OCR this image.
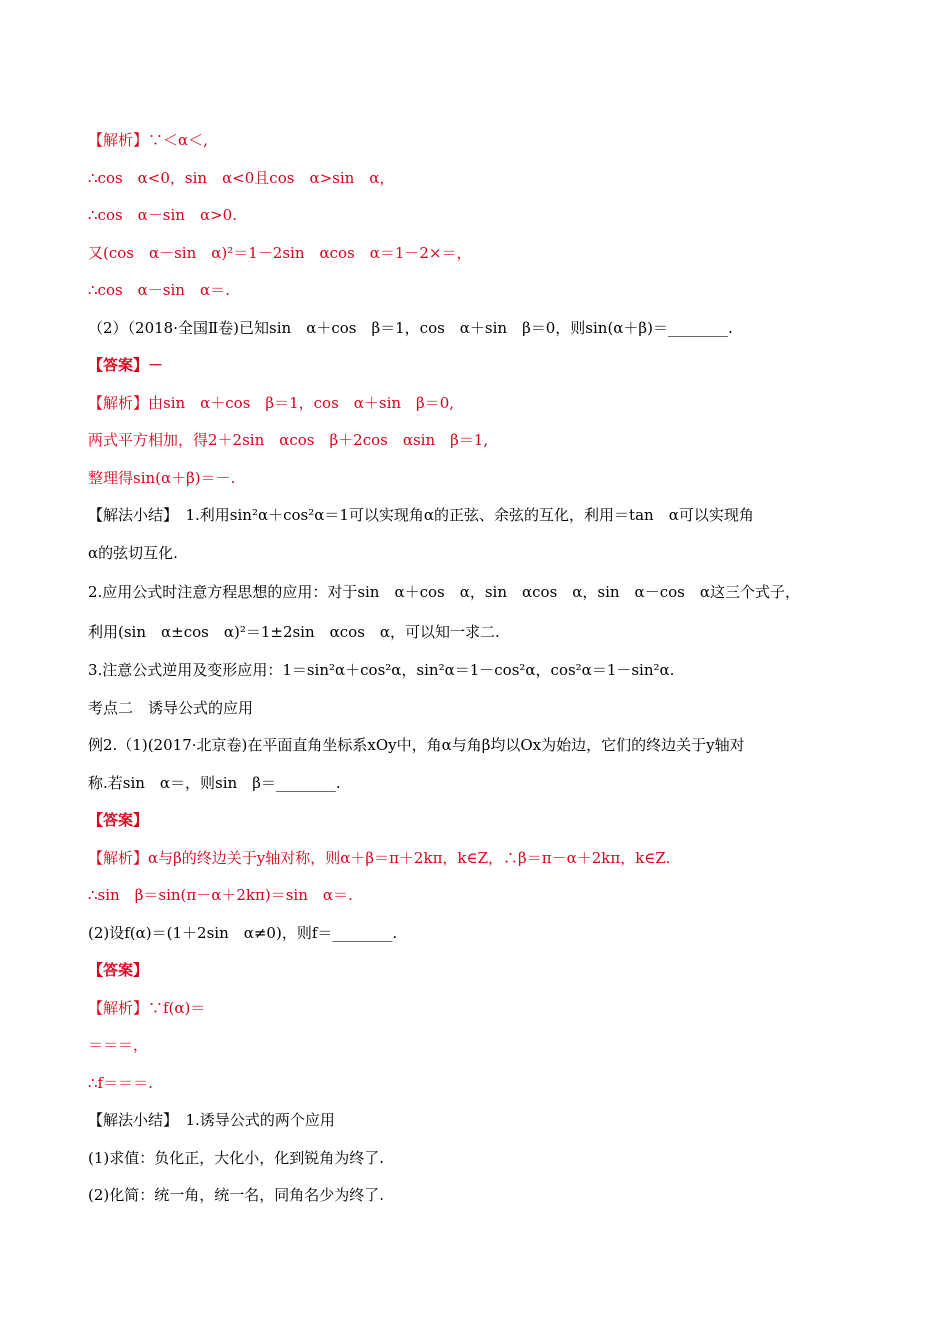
【解析】∵＜α＜,
∴cos　α<0，sin　α<0且cos　α>sin　α，
∴cos　α－sin　α>0.
又(cos　α－sin　α)²＝1－2sin　αcos　α＝1－2×＝，
∴cos　α－sin　α＝.
（2）（2018·全国Ⅱ卷)已知sin　α＋cos　β＝1，cos　α＋sin　β＝0，则sin(α＋β)＝________.
【答案】－
【解析】由sin　α＋cos　β＝1，cos　α＋sin　β＝0,
两式平方相加，得2＋2sin　αcos　β＋2cos　αsin　β＝1,
整理得sin(α＋β)＝－.
【解法小结】　1.利用sin²α＋cos²α＝1可以实现角α的正弦、余弦的互化，利用＝tan　α可以实现角
α的弦切互化.
2.应用公式时注意方程思想的应用：对于sin　α＋cos　α，sin　αcos　α，sin　α－cos　α这三个式子，
利用(sin　α±cos　α)²＝1±2sin　αcos　α，可以知一求二.
3.注意公式逆用及变形应用：1＝sin²α＋cos²α，sin²α＝1－cos²α，cos²α＝1－sin²α.
考点二　诱导公式的应用
例2.（1)(2017·北京卷)在平面直角坐标系xOy中，角α与角β均以Ox为始边，它们的终边关于y轴对
称.若sin　α＝，则sin　β＝________.
【答案】
【解析】α与β的终边关于y轴对称，则α＋β＝π＋2kπ，k∈Z，∴β＝π－α＋2kπ，k∈Z.
∴sin　β＝sin(π－α＋2kπ)＝sin　α＝.
(2)设f(α)＝(1＋2sin　α≠0)，则f＝________.
【答案】
【解析】∵f(α)＝
＝＝＝，
∴f＝＝＝.
【解法小结】　1.诱导公式的两个应用
(1)求值：负化正，大化小，化到锐角为终了.
(2)化简：统一角，统一名，同角名少为终了.
